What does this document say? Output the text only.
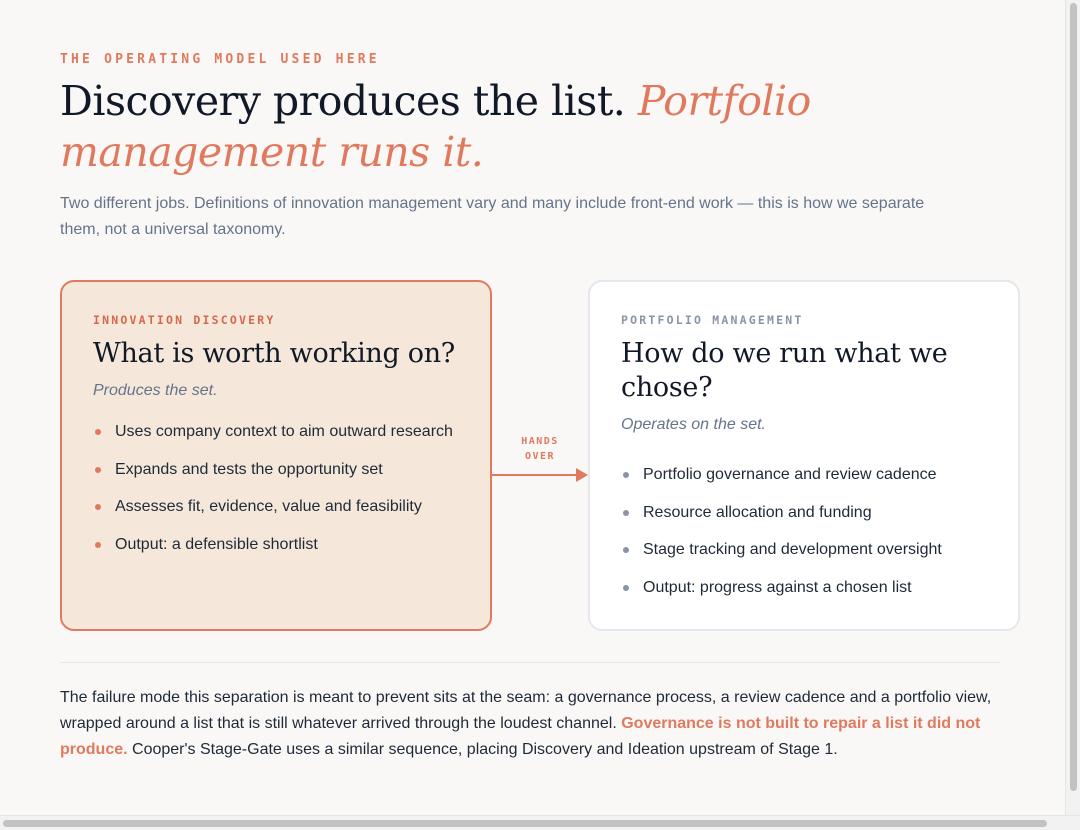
THE OPERATING MODEL USED HERE

Discovery produces the list. Portfolio management runs it.

Two different jobs. Definitions of innovation management vary and many include front-end work — this is how we separate them, not a universal taxonomy.

INNOVATION DISCOVERY

What is worth working on?

Produces the set.

Uses company context to aim outward research
Expands and tests the opportunity set
Assesses fit, evidence, value and feasibility
Output: a defensible shortlist
HANDS
OVER

PORTFOLIO MANAGEMENT

How do we run what we chose?

Operates on the set.

Portfolio governance and review cadence
Resource allocation and funding
Stage tracking and development oversight
Output: progress against a chosen list

The failure mode this separation is meant to prevent sits at the seam: a governance process, a review cadence and a portfolio view, wrapped around a list that is still whatever arrived through the loudest channel. Governance is not built to repair a list it did not produce. Cooper's Stage-Gate uses a similar sequence, placing Discovery and Ideation upstream of Stage 1.
